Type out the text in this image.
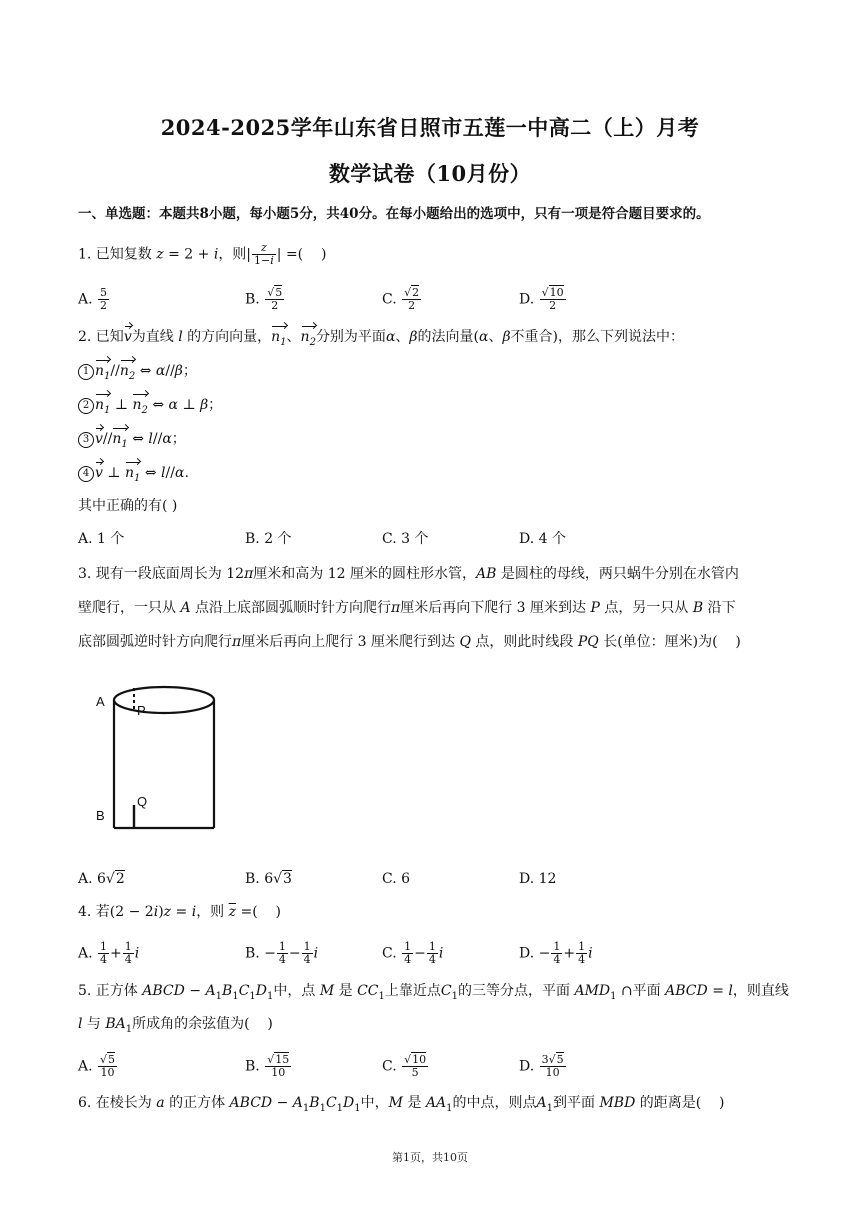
2024-2025学年山东省日照市五莲一中高二（上）月考
数学试卷（10月份）
一、单选题：本题共8小题，每小题5分，共40分。在每小题给出的选项中，只有一项是符合题目要求的。
1. 已知复数 z = 2 + i，则| $\frac{z}{1-i}$ | =(    )
A. $\frac{5}{2}$	B. $\frac{√5}{2}$	C. $\frac{√2}{2}$	D. $\frac{√10}{2}$
2. 已知v为直线 l 的方向向量，$n_1$、$n_2$分别为平面α、β的法向量(α、β不重合)，那么下列说法中：
1 $n_1//n_2$ ⇔ α//β；
2 $n_1$ ⊥ $n_2$ ⇔ α ⊥ β；
3 $v//n_1$ ⇔ l//α；
4 v ⊥ $n_1$ ⇔ l//α.
其中正确的有( )
A. 1 个	B. 2 个	C. 3 个	D. 4 个
3. 现有一段底面周长为 12π厘米和高为 12 厘米的圆柱形水管，AB 是圆柱的母线，两只蜗牛分别在水管内
壁爬行，一只从 A 点沿上底部圆弧顺时针方向爬行π厘米后再向下爬行 3 厘米到达 P 点，另一只从 B 沿下
底部圆弧逆时针方向爬行π厘米后再向上爬行 3 厘米爬行到达 Q 点，则此时线段 PQ 长(单位：厘米)为(    )
A
P
B
Q
A. 6√2	B. 6√3	C. 6	D. 12
4. 若(2 − 2i)z = i，则 $\overline{z}$ =(    )
A. $\frac{1}{4} + \frac{1}{4}$ i	B. − $\frac{1}{4} - \frac{1}{4}$ i	C. $\frac{1}{4} - \frac{1}{4}$ i	D. − $\frac{1}{4} + \frac{1}{4}$ i
5. 正方体 ABCD − $A_1B_1C_1D_1$中，点 M 是 $CC_1$上靠近点$C_1$的三等分点，平面 $AMD_1$ ∩平面 ABCD = l，则直线
l 与 $BA_1$所成角的余弦值为(    )
A. $\frac{√5}{10}$	B. $\frac{√15}{10}$	C. $\frac{√10}{5}$	D. $\frac{3√5}{10}$
6. 在棱长为 a 的正方体 ABCD − $A_1B_1C_1D_1$中，M 是 $AA_1$的中点，则点$A_1$到平面 MBD 的距离是(    )
第1页，共10页
